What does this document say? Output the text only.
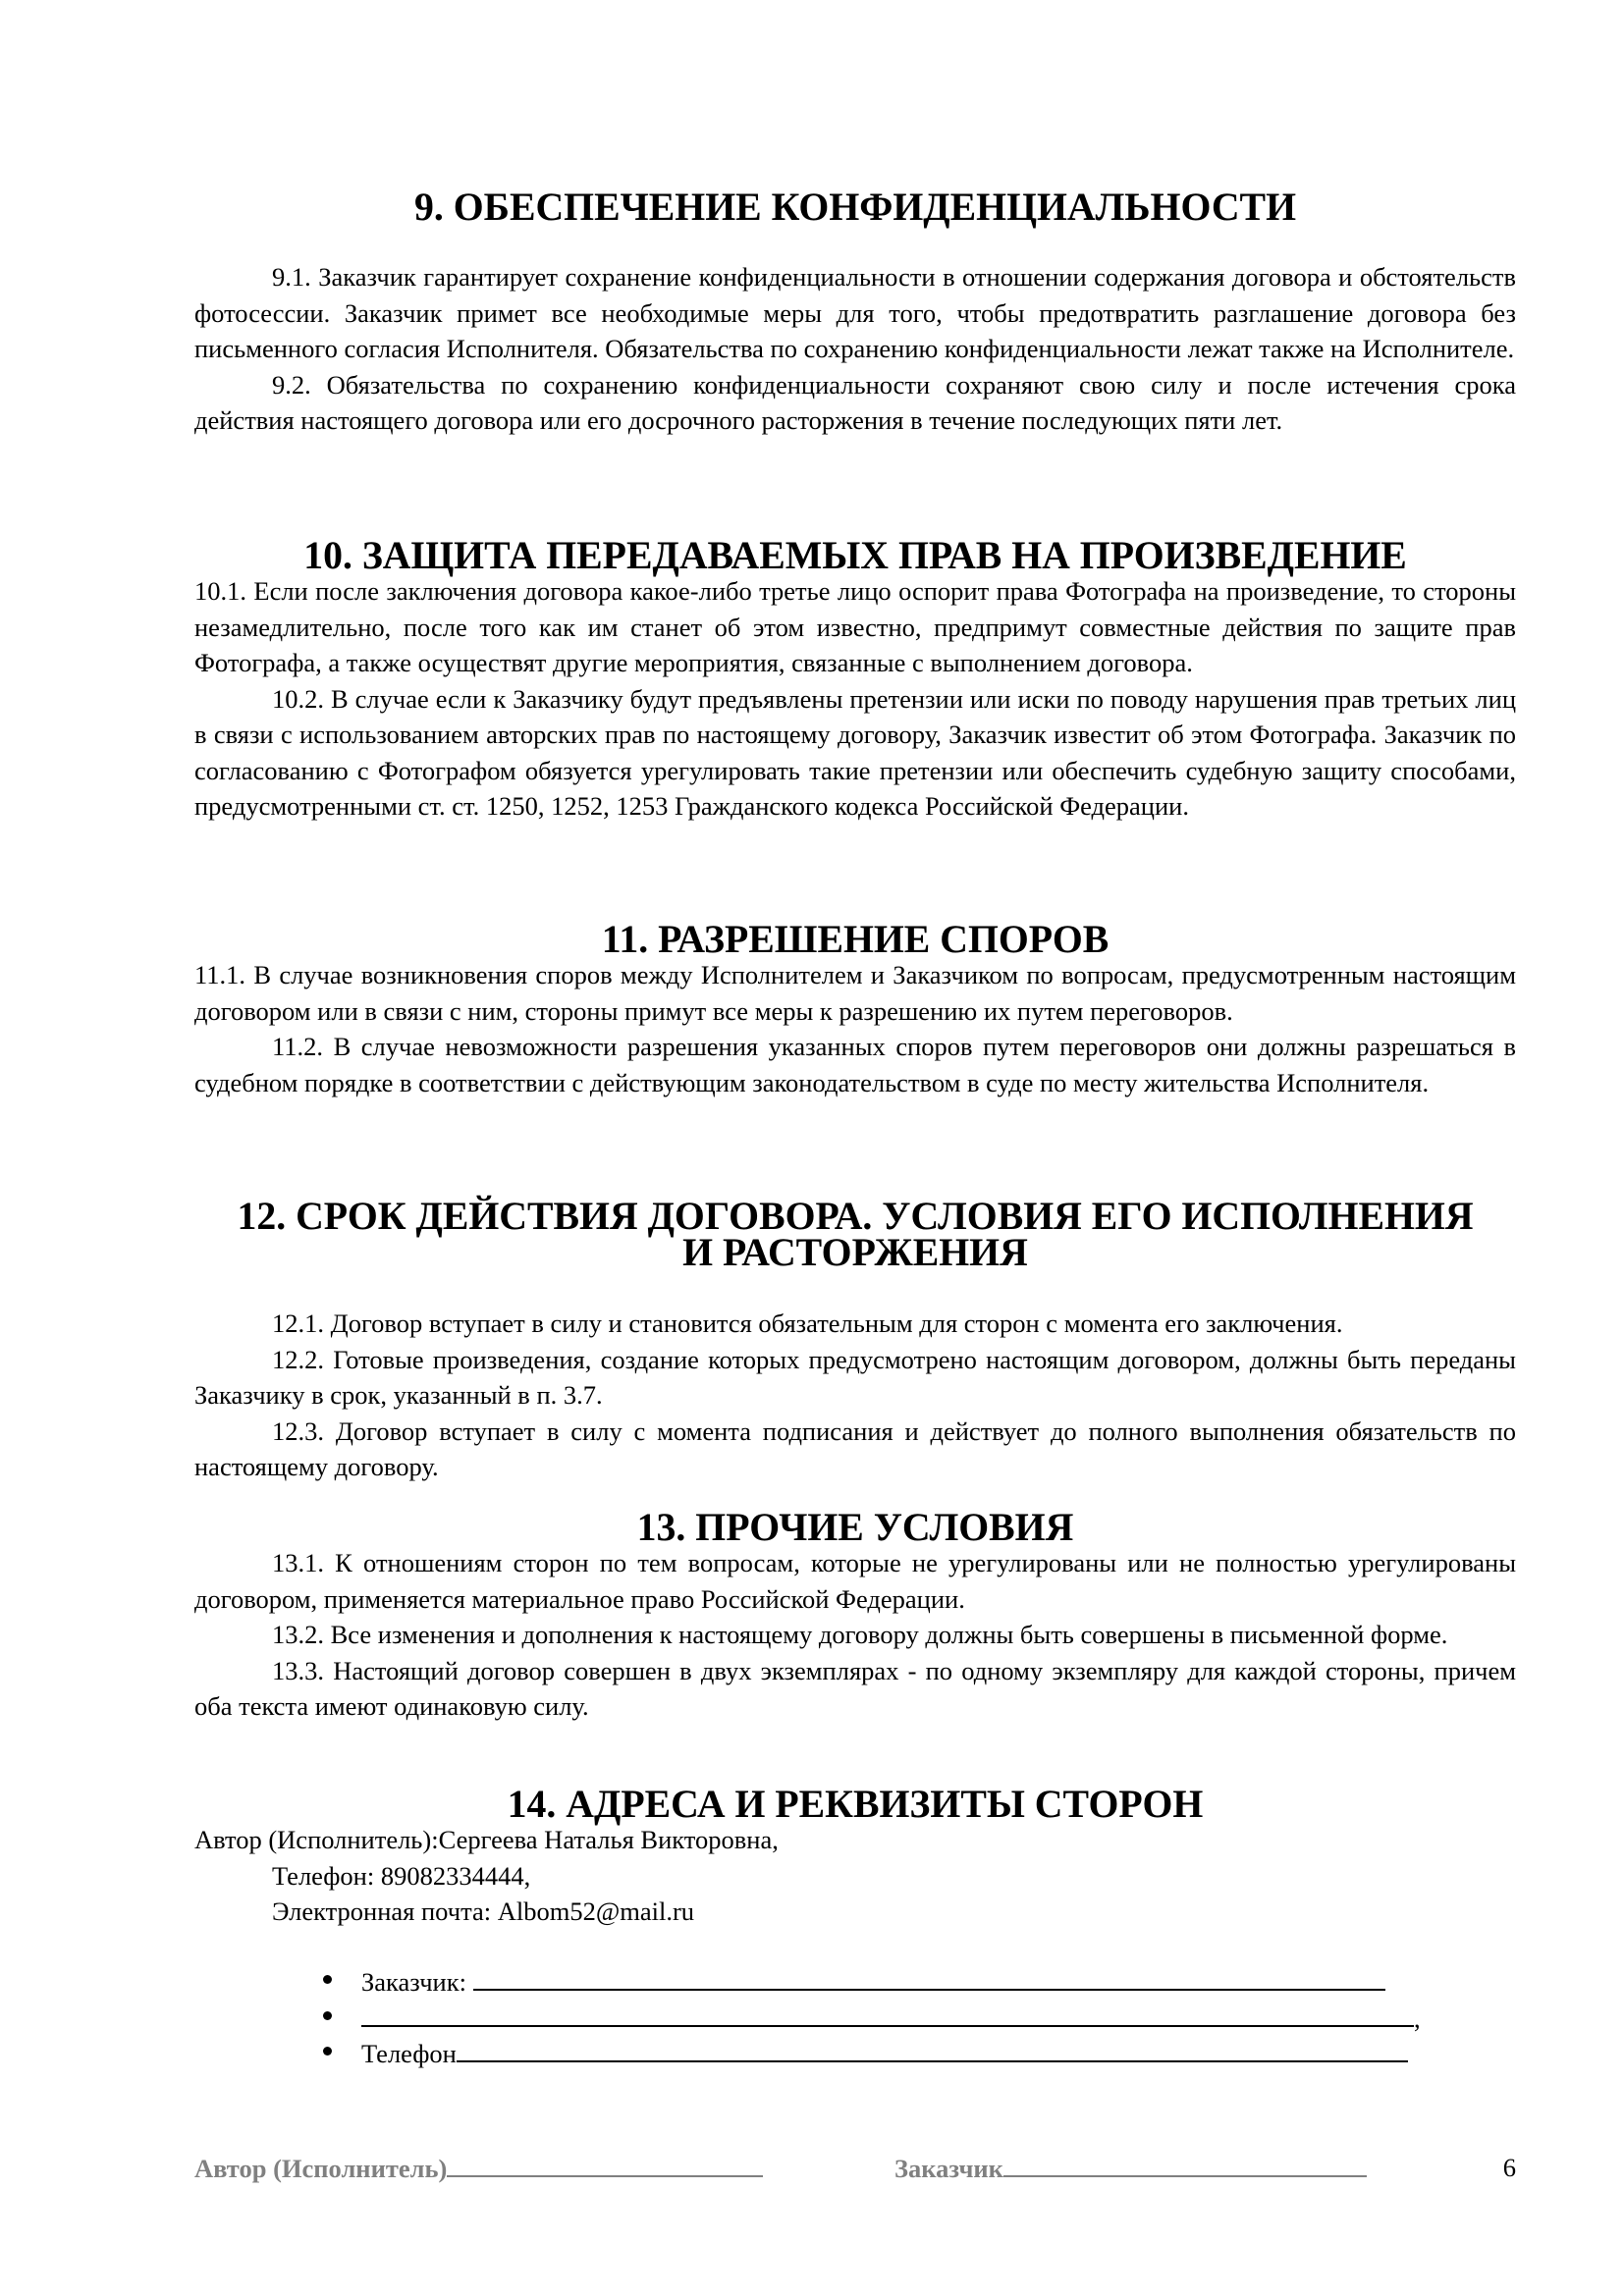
9. ОБЕСПЕЧЕНИЕ КОНФИДЕНЦИАЛЬНОСТИ

9.1. Заказчик гарантирует сохранение конфиденциальности в отношении содержания договора и обстоятельств фотосессии. Заказчик примет все необходимые меры для того, чтобы предотвратить разглашение договора без письменного согласия Исполнителя. Обязательства по сохранению конфиденциальности лежат также на Исполнителе.

9.2. Обязательства по сохранению конфиденциальности сохраняют свою силу и после истечения срока действия настоящего договора или его досрочного расторжения в течение последующих пяти лет.

10. ЗАЩИТА ПЕРЕДАВАЕМЫХ ПРАВ НА ПРОИЗВЕДЕНИЕ

10.1. Если после заключения договора какое-либо третье лицо оспорит права Фотографа на произведение, то стороны незамедлительно, после того как им станет об этом известно, предпримут совместные действия по защите прав Фотографа, а также осуществят другие мероприятия, связанные с выполнением договора.

10.2. В случае если к Заказчику будут предъявлены претензии или иски по поводу нарушения прав третьих лиц в связи с использованием авторских прав по настоящему договору, Заказчик известит об этом Фотографа. Заказчик по согласованию с Фотографом обязуется урегулировать такие претензии или обеспечить судебную защиту способами, предусмотренными ст. ст. 1250, 1252, 1253 Гражданского кодекса Российской Федерации.

11. РАЗРЕШЕНИЕ СПОРОВ

11.1. В случае возникновения споров между Исполнителем и Заказчиком по вопросам, предусмотренным настоящим договором или в связи с ним, стороны примут все меры к разрешению их путем переговоров.

11.2. В случае невозможности разрешения указанных споров путем переговоров они должны разрешаться в судебном порядке в соответствии с действующим законодательством в суде по месту жительства Исполнителя.

12. СРОК ДЕЙСТВИЯ ДОГОВОРА. УСЛОВИЯ ЕГО ИСПОЛНЕНИЯ
И РАСТОРЖЕНИЯ

12.1. Договор вступает в силу и становится обязательным для сторон с момента его заключения.

12.2. Готовые произведения, создание которых предусмотрено настоящим договором, должны быть переданы Заказчику в срок, указанный в п. 3.7.

12.3. Договор вступает в силу с момента подписания и действует до полного выполнения обязательств по настоящему договору.

13. ПРОЧИЕ УСЛОВИЯ

13.1. К отношениям сторон по тем вопросам, которые не урегулированы или не полностью урегулированы договором, применяется материальное право Российской Федерации.

13.2. Все изменения и дополнения к настоящему договору должны быть совершены в письменной форме.

13.3. Настоящий договор совершен в двух экземплярах - по одному экземпляру для каждой стороны, причем оба текста имеют одинаковую силу.

14. АДРЕСА И РЕКВИЗИТЫ СТОРОН
Автор (Исполнитель):Сергеева Наталья Викторовна,
Телефон: 89082334444,
Электронная почта: Albom52@mail.ru
Заказчик:
,
Телефон
Автор (Исполнитель)	Заказчик	6
